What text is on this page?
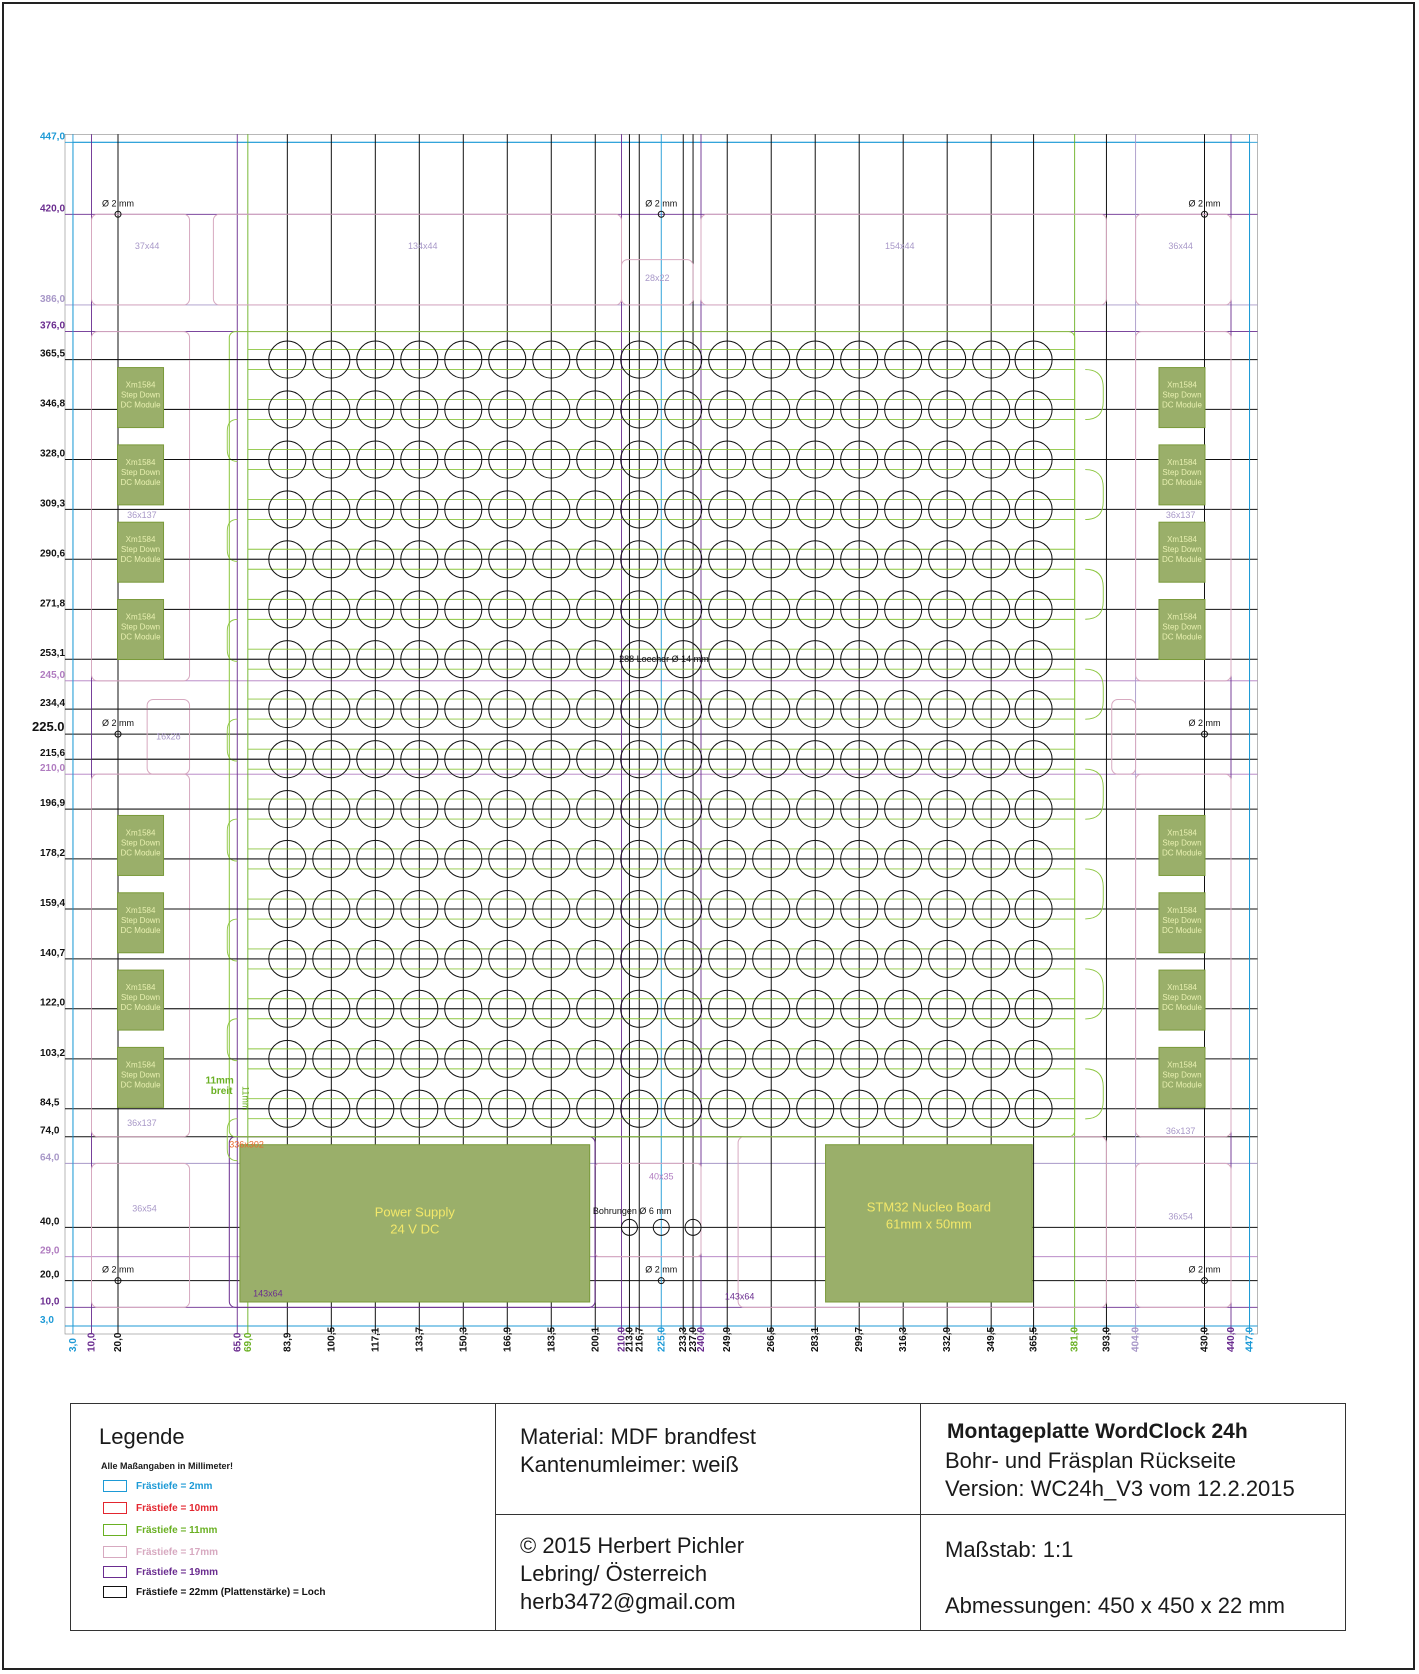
447,0
420,0
386,0
376,0
365,5
346,8
328,0
309,3
290,6
271,8
253,1
245,0
234,4
225.0
215,6
210,0
196,9
178,2
159,4
140,7
122,0
103,2
84,5
74,0
64,0
40,0
29,0
20,0
10,0
3,0
3,0 10,0 20,0	65,0 69,0	83,9	100,5	117,1	133,7	150,3	166,9	183,5	200,1 210,0
213,0
216,7 225,0 233,3
237,0
240,0 249,9	266,5	283,1	299,7	316,3	332,9	349,5	365,5	381,0 393,0 404,0	430,0 440,0 447,0
Ø 2 mm	Ø 2 mm	Ø 2 mm
Ø 2 mm	Ø 2 mm
Ø 2 mm	Ø 2 mm	Ø 2 mm
Xm1584
Step Down
DC Module
Xm1584
Step Down
DC Module
Xm1584
Step Down
DC Module
Xm1584
Step Down
DC Module
Xm1584
Step Down
DC Module
Xm1584
Step Down
DC Module
Xm1584
Step Down
DC Module
Xm1584
Step Down
DC Module
Xm1584
Step Down
DC Module
Xm1584
Step Down
DC Module
Xm1584
Step Down
DC Module
Xm1584
Step Down
DC Module
Xm1584
Step Down
DC Module
Xm1584
Step Down
DC Module
Xm1584
Step Down
DC Module
Xm1584
Step Down
DC Module
Power Supply
24 V DC
STM32 Nucleo Board
61mm x 50mm
37x44	134x44
28x22
154x44	36x44
36x137
16x28
36x137
36x137
36x137
36x54
36x54
40x35
143x64	143x64
336x302
288 Loecher Ø 14 mm
Bohrungen Ø 6 mm
11mm
breit 11mm
Legende
Alle Maßangaben in Millimeter!
Frästiefe = 2mm
Frästiefe = 10mm
Frästiefe = 11mm
Frästiefe = 17mm
Frästiefe = 19mm
Frästiefe = 22mm (Plattenstärke) = Loch
Material: MDF brandfest
Kantenumleimer: weiß
© 2015 Herbert Pichler
Lebring/ Österreich
herb3472@gmail.com
Montageplatte WordClock 24h
Bohr- und Fräsplan Rückseite
Version: WC24h_V3 vom 12.2.2015
Maßstab: 1:1
Abmessungen: 450 x 450 x 22 mm
